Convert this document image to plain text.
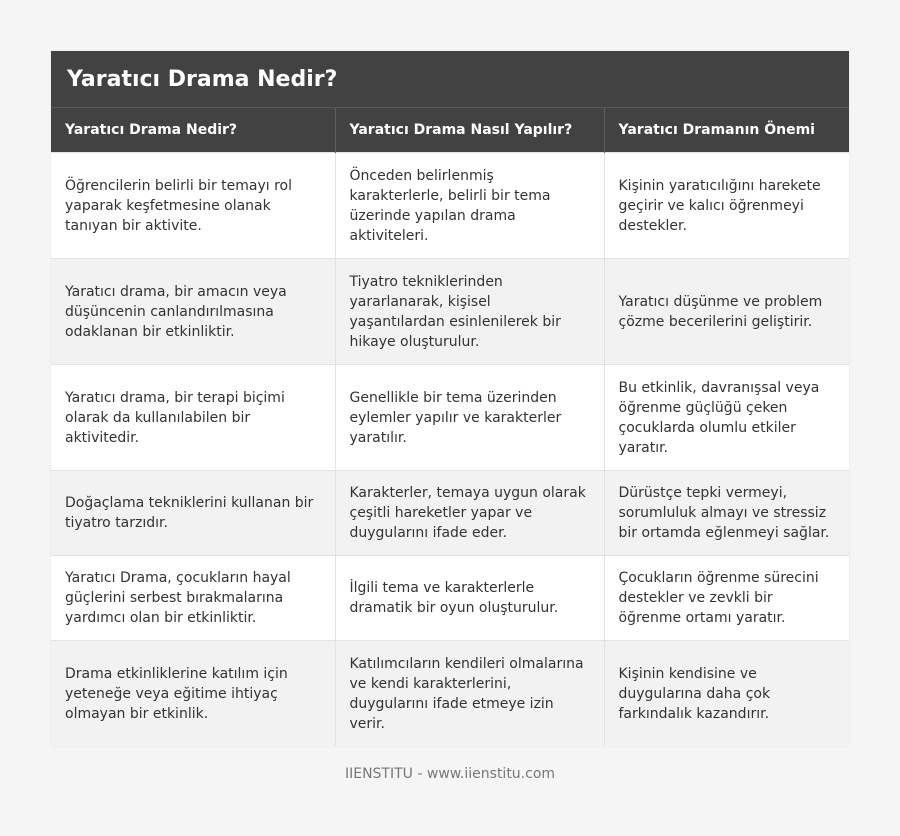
Yaratıcı Drama Nedir?
Yaratıcı Drama Nedir?	Yaratıcı Drama Nasıl Yapılır?	Yaratıcı Dramanın Önemi
Öğrencilerin belirli bir temayı rol yaparak keşfetmesine olanak tanıyan bir aktivite.	Önceden belirlenmiş karakterlerle, belirli bir tema üzerinde yapılan drama aktiviteleri.	Kişinin yaratıcılığını harekete geçirir ve kalıcı öğrenmeyi destekler.
Yaratıcı drama, bir amacın veya düşüncenin canlandırılmasına odaklanan bir etkinliktir.	Tiyatro tekniklerinden yararlanarak, kişisel yaşantılardan esinlenilerek bir hikaye oluşturulur.	Yaratıcı düşünme ve problem çözme becerilerini geliştirir.
Yaratıcı drama, bir terapi biçimi olarak da kullanılabilen bir aktivitedir.	Genellikle bir tema üzerinden eylemler yapılır ve karakterler yaratılır.	Bu etkinlik, davranışsal veya öğrenme güçlüğü çeken çocuklarda olumlu etkiler yaratır.
Doğaçlama tekniklerini kullanan bir tiyatro tarzıdır.	Karakterler, temaya uygun olarak çeşitli hareketler yapar ve duygularını ifade eder.	Dürüstçe tepki vermeyi, sorumluluk almayı ve stressiz bir ortamda eğlenmeyi sağlar.
Yaratıcı Drama, çocukların hayal güçlerini serbest bırakmalarına yardımcı olan bir etkinliktir.	İlgili tema ve karakterlerle dramatik bir oyun oluşturulur.	Çocukların öğrenme sürecini destekler ve zevkli bir öğrenme ortamı yaratır.
Drama etkinliklerine katılım için yeteneğe veya eğitime ihtiyaç olmayan bir etkinlik.	Katılımcıların kendileri olmalarına ve kendi karakterlerini, duygularını ifade etmeye izin verir.	Kişinin kendisine ve duygularına daha çok farkındalık kazandırır.
IIENSTITU - www.iienstitu.com
